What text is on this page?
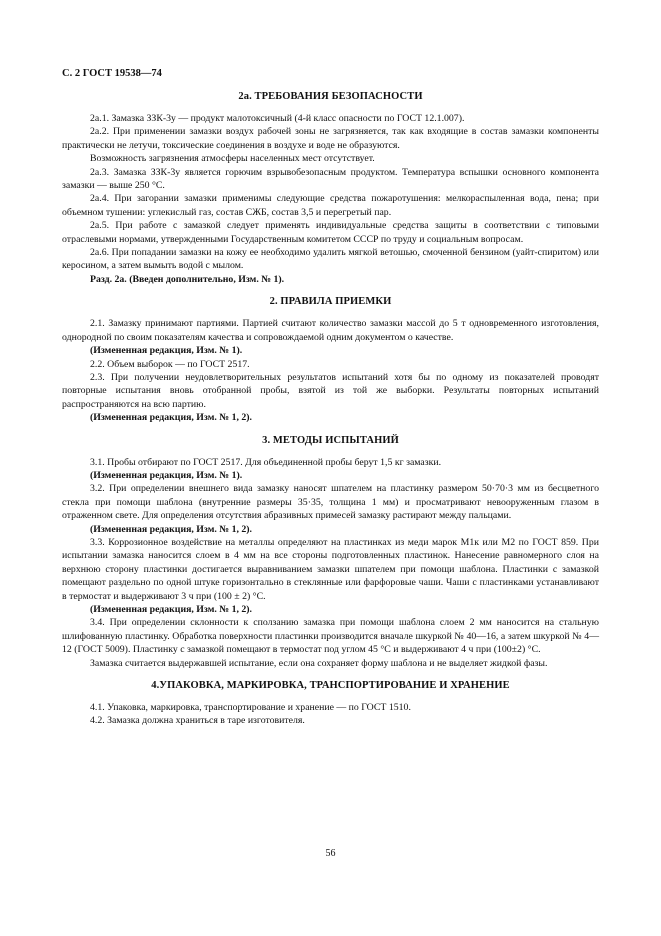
С. 2 ГОСТ 19538—74
2а. ТРЕБОВАНИЯ БЕЗОПАСНОСТИ

2а.1. Замазка ЗЗК-3у — продукт малотоксичный (4-й класс опасности по ГОСТ 12.1.007).

2а.2. При применении замазки воздух рабочей зоны не загрязняется, так как входящие в состав замазки компоненты практически не летучи, токсические соединения в воздухе и воде не образуются.

Возможность загрязнения атмосферы населенных мест отсутствует.

2а.3. Замазка ЗЗК-3у является горючим взрывобезопасным продуктом. Температура вспышки основного компонента замазки — выше 250 °С.

2а.4. При загорании замазки применимы следующие средства пожаротушения: мелкораспыленная вода, пена; при объемном тушении: углекислый газ, состав СЖБ, состав 3,5 и перегретый пар.

2а.5. При работе с замазкой следует применять индивидуальные средства защиты в соответствии с типовыми отраслевыми нормами, утвержденными Государственным комитетом СССР по труду и социальным вопросам.

2а.6. При попадании замазки на кожу ее необходимо удалить мягкой ветошью, смоченной бензином (уайт-спиритом) или керосином, а затем вымыть водой с мылом.

Разд. 2а. (Введен дополнительно, Изм. № 1).

2. ПРАВИЛА ПРИЕМКИ

2.1. Замазку принимают партиями. Партией считают количество замазки массой до 5 т одновременного изготовления, однородной по своим показателям качества и сопровождаемой одним документом о качестве.

(Измененная редакция, Изм. № 1).

2.2. Объем выборок — по ГОСТ 2517.

2.3. При получении неудовлетворительных результатов испытаний хотя бы по одному из показателей проводят повторные испытания вновь отобранной пробы, взятой из той же выборки. Результаты повторных испытаний распространяются на всю партию.

(Измененная редакция, Изм. № 1, 2).

3. МЕТОДЫ ИСПЫТАНИЙ

3.1. Пробы отбирают по ГОСТ 2517. Для объединенной пробы берут 1,5 кг замазки.

(Измененная редакция, Изм. № 1).

3.2. При определении внешнего вида замазку наносят шпателем на пластинку размером 50·70·3 мм из бесцветного стекла при помощи шаблона (внутренние размеры 35·35, толщина 1 мм) и просматривают невооруженным глазом в отраженном свете. Для определения отсутствия абразивных примесей замазку растирают между пальцами.

(Измененная редакция, Изм. № 1, 2).

3.3. Коррозионное воздействие на металлы определяют на пластинках из меди марок М1к или М2 по ГОСТ 859. При испытании замазка наносится слоем в 4 мм на все стороны подготовленных пластинок. Нанесение равномерного слоя на верхнюю сторону пластинки достигается выравниванием замазки шпателем при помощи шаблона. Пластинки с замазкой помещают раздельно по одной штуке горизонтально в стеклянные или фарфоровые чаши. Чаши с пластинками устанавливают в термостат и выдерживают 3 ч при (100 ± 2) °С.

(Измененная редакция, Изм. № 1, 2).

3.4. При определении склонности к сползанию замазка при помощи шаблона слоем 2 мм наносится на стальную шлифованную пластинку. Обработка поверхности пластинки производится вначале шкуркой № 40—16, а затем шкуркой № 4—12 (ГОСТ 5009). Пластинку с замазкой помещают в термостат под углом 45 °С и выдерживают 4 ч при (100±2) °С.

Замазка считается выдержавшей испытание, если она сохраняет форму шаблона и не выделяет жидкой фазы.

4.УПАКОВКА, МАРКИРОВКА, ТРАНСПОРТИРОВАНИЕ И ХРАНЕНИЕ

4.1. Упаковка, маркировка, транспортирование и хранение — по ГОСТ 1510.

4.2. Замазка должна храниться в таре изготовителя.

56
